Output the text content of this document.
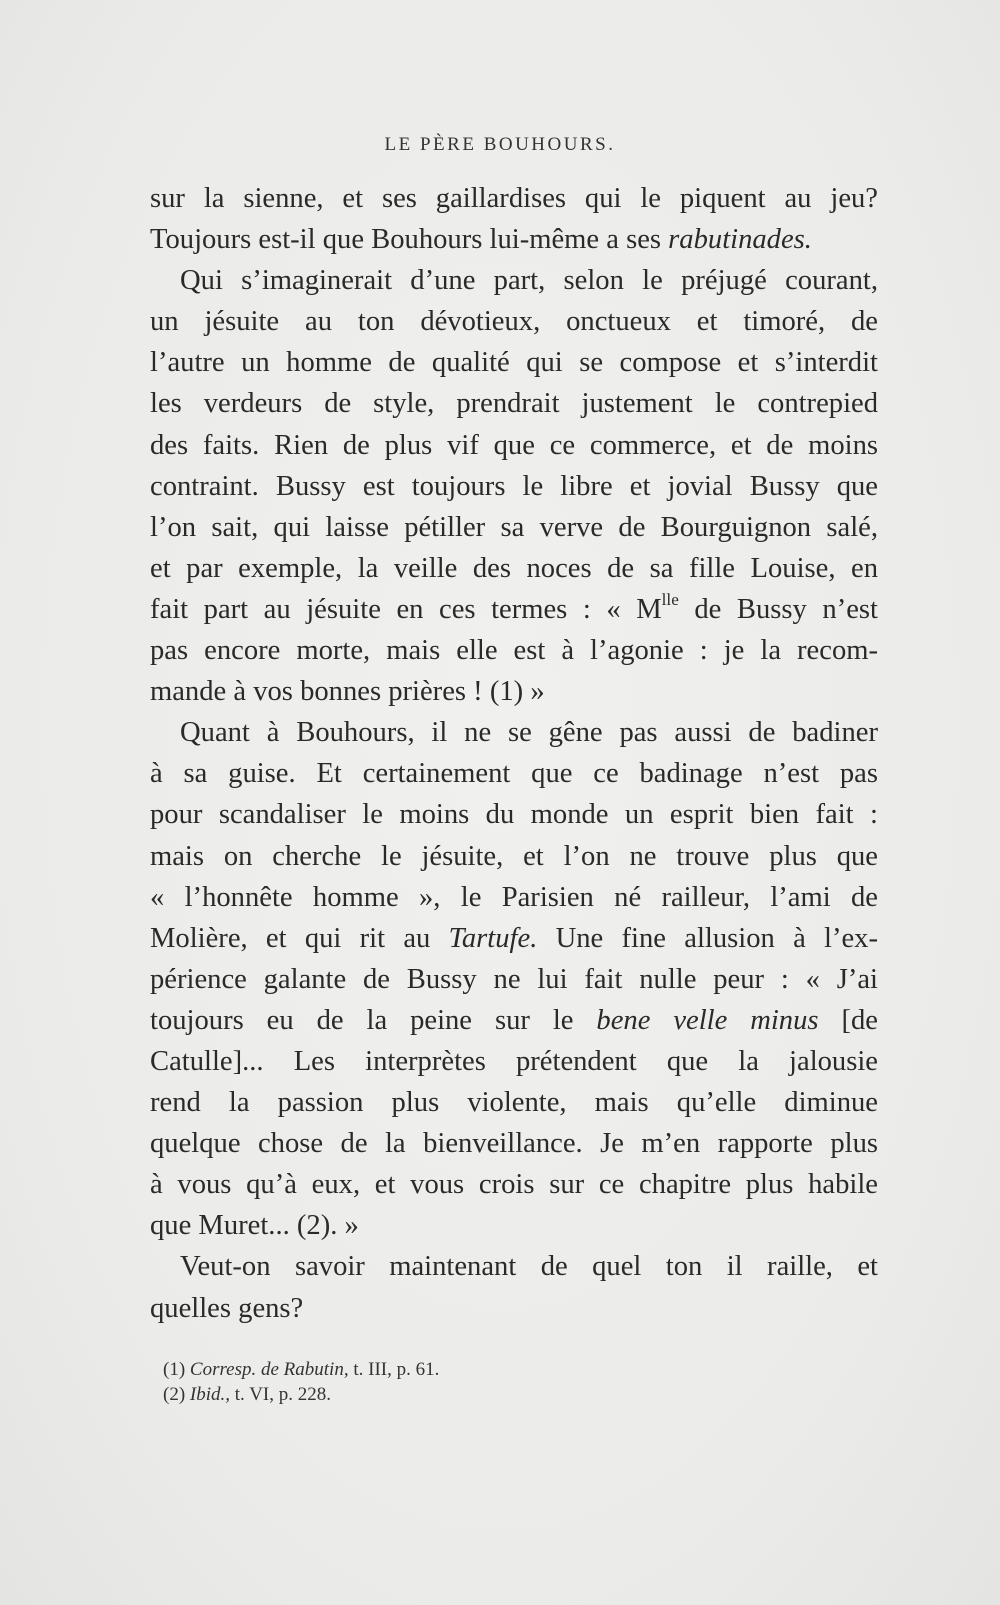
LE PÈRE BOUHOURS.
sur la sienne, et ses gaillardises qui le piquent au jeu?
Toujours est-il que Bouhours lui-même a ses rabutinades.
Qui s’imaginerait d’une part, selon le préjugé courant,
un jésuite au ton dévotieux, onctueux et timoré, de
l’autre un homme de qualité qui se compose et s’interdit
les verdeurs de style, prendrait justement le contrepied
des faits. Rien de plus vif que ce commerce, et de moins
contraint. Bussy est toujours le libre et jovial Bussy que
l’on sait, qui laisse pétiller sa verve de Bourguignon salé,
et par exemple, la veille des noces de sa fille Louise, en
fait part au jésuite en ces termes : « $M^{lle}$ de Bussy n’est
pas encore morte, mais elle est à l’agonie : je la recom-
mande à vos bonnes prières ! (1) »
Quant à Bouhours, il ne se gêne pas aussi de badiner
à sa guise. Et certainement que ce badinage n’est pas
pour scandaliser le moins du monde un esprit bien fait :
mais on cherche le jésuite, et l’on ne trouve plus que
« l’honnête homme », le Parisien né railleur, l’ami de
Molière, et qui rit au Tartufe. Une fine allusion à l’ex-
périence galante de Bussy ne lui fait nulle peur : « J’ai
toujours eu de la peine sur le bene velle minus [de
Catulle]... Les interprètes prétendent que la jalousie
rend la passion plus violente, mais qu’elle diminue
quelque chose de la bienveillance. Je m’en rapporte plus
à vous qu’à eux, et vous crois sur ce chapitre plus habile
que Muret... (2). »
Veut-on savoir maintenant de quel ton il raille, et
quelles gens?
(1) Corresp. de Rabutin, t. III, p. 61.
(2) Ibid., t. VI, p. 228.
